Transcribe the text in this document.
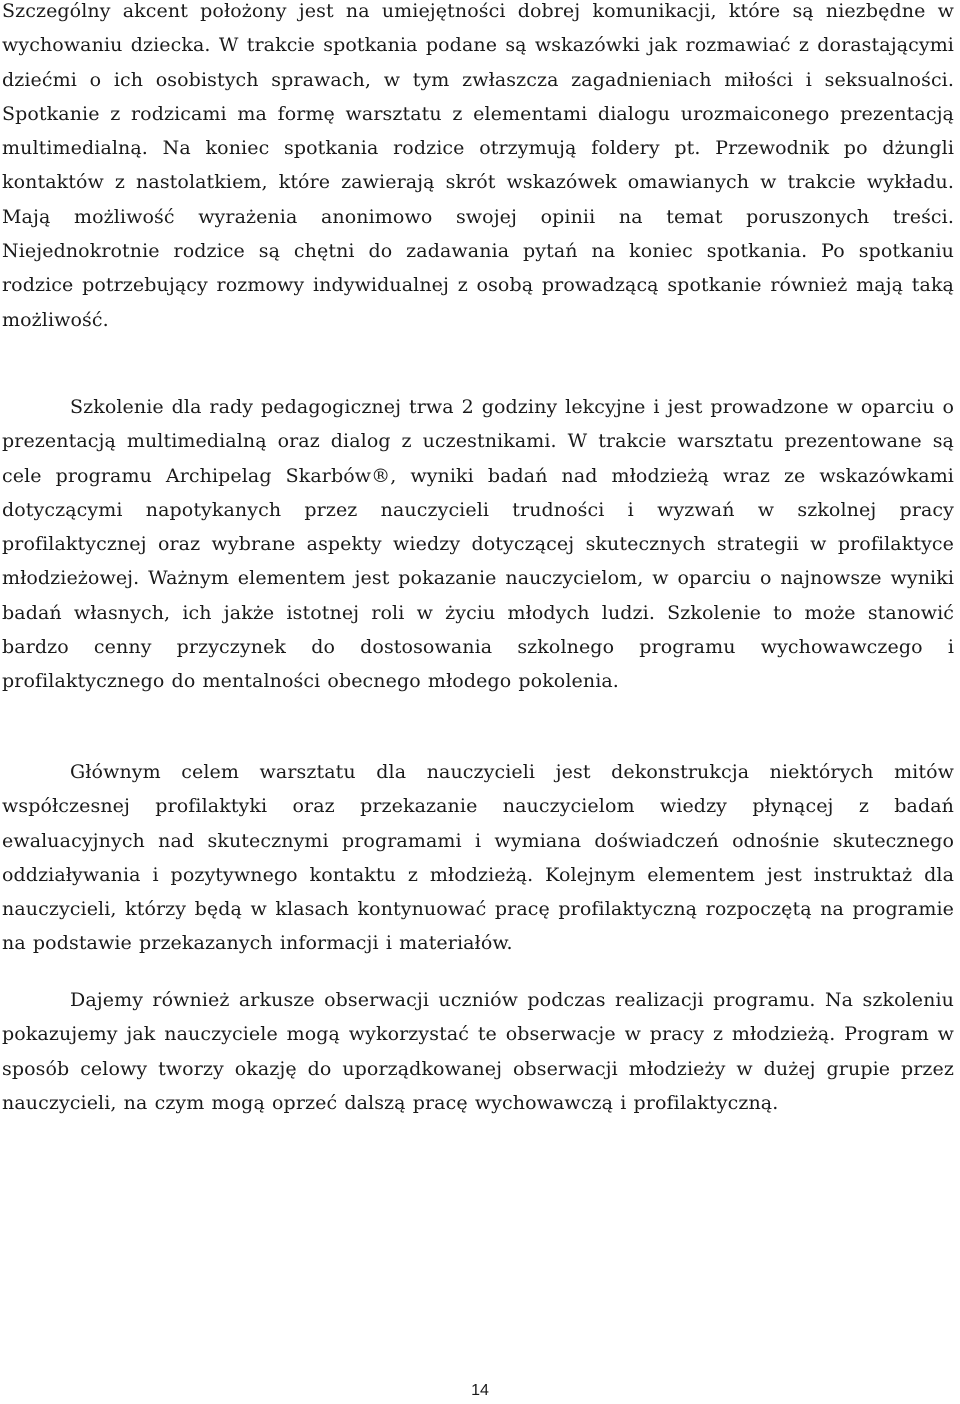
Szczególny akcent położony jest na umiejętności dobrej komunikacji, które są niezbędne w wychowaniu dziecka. W trakcie spotkania podane są wskazówki jak rozmawiać z dorastającymi dziećmi o ich osobistych sprawach, w tym zwłaszcza zagadnieniach miłości i seksualności. Spotkanie z rodzicami ma formę warsztatu z elementami dialogu urozmaiconego prezentacją multimedialną. Na koniec spotkania rodzice otrzymują foldery pt. Przewodnik po dżungli kontaktów z nastolatkiem, które zawierają skrót wskazówek omawianych w trakcie wykładu. Mają możliwość wyrażenia anonimowo swojej opinii na temat poruszonych treści. Niejednokrotnie rodzice są chętni do zadawania pytań na koniec spotkania. Po spotkaniu rodzice potrzebujący rozmowy indywidualnej z osobą prowadzącą spotkanie również mają taką możliwość.

Szkolenie dla rady pedagogicznej trwa 2 godziny lekcyjne i jest prowadzone w oparciu o prezentacją multimedialną oraz dialog z uczestnikami. W trakcie warsztatu prezentowane są cele programu Archipelag Skarbów®, wyniki badań nad młodzieżą wraz ze wskazówkami dotyczącymi napotykanych przez nauczycieli trudności i wyzwań w szkolnej pracy profilaktycznej oraz wybrane aspekty wiedzy dotyczącej skutecznych strategii w profilaktyce młodzieżowej. Ważnym elementem jest pokazanie nauczycielom, w oparciu o najnowsze wyniki badań własnych, ich jakże istotnej roli w życiu młodych ludzi. Szkolenie to może stanowić bardzo cenny przyczynek do dostosowania szkolnego programu wychowawczego i profilaktycznego do mentalności obecnego młodego pokolenia.

Głównym celem warsztatu dla nauczycieli jest dekonstrukcja niektórych mitów współczesnej profilaktyki oraz przekazanie nauczycielom wiedzy płynącej z badań ewaluacyjnych nad skutecznymi programami i wymiana doświadczeń odnośnie skutecznego oddziaływania i pozytywnego kontaktu z młodzieżą. Kolejnym elementem jest instruktaż dla nauczycieli, którzy będą w klasach kontynuować pracę profilaktyczną rozpoczętą na programie na podstawie przekazanych informacji i materiałów.

Dajemy również arkusze obserwacji uczniów podczas realizacji programu. Na szkoleniu pokazujemy jak nauczyciele mogą wykorzystać te obserwacje w pracy z młodzieżą. Program w sposób celowy tworzy okazję do uporządkowanej obserwacji młodzieży w dużej grupie przez nauczycieli, na czym mogą oprzeć dalszą pracę wychowawczą i profilaktyczną.

14
